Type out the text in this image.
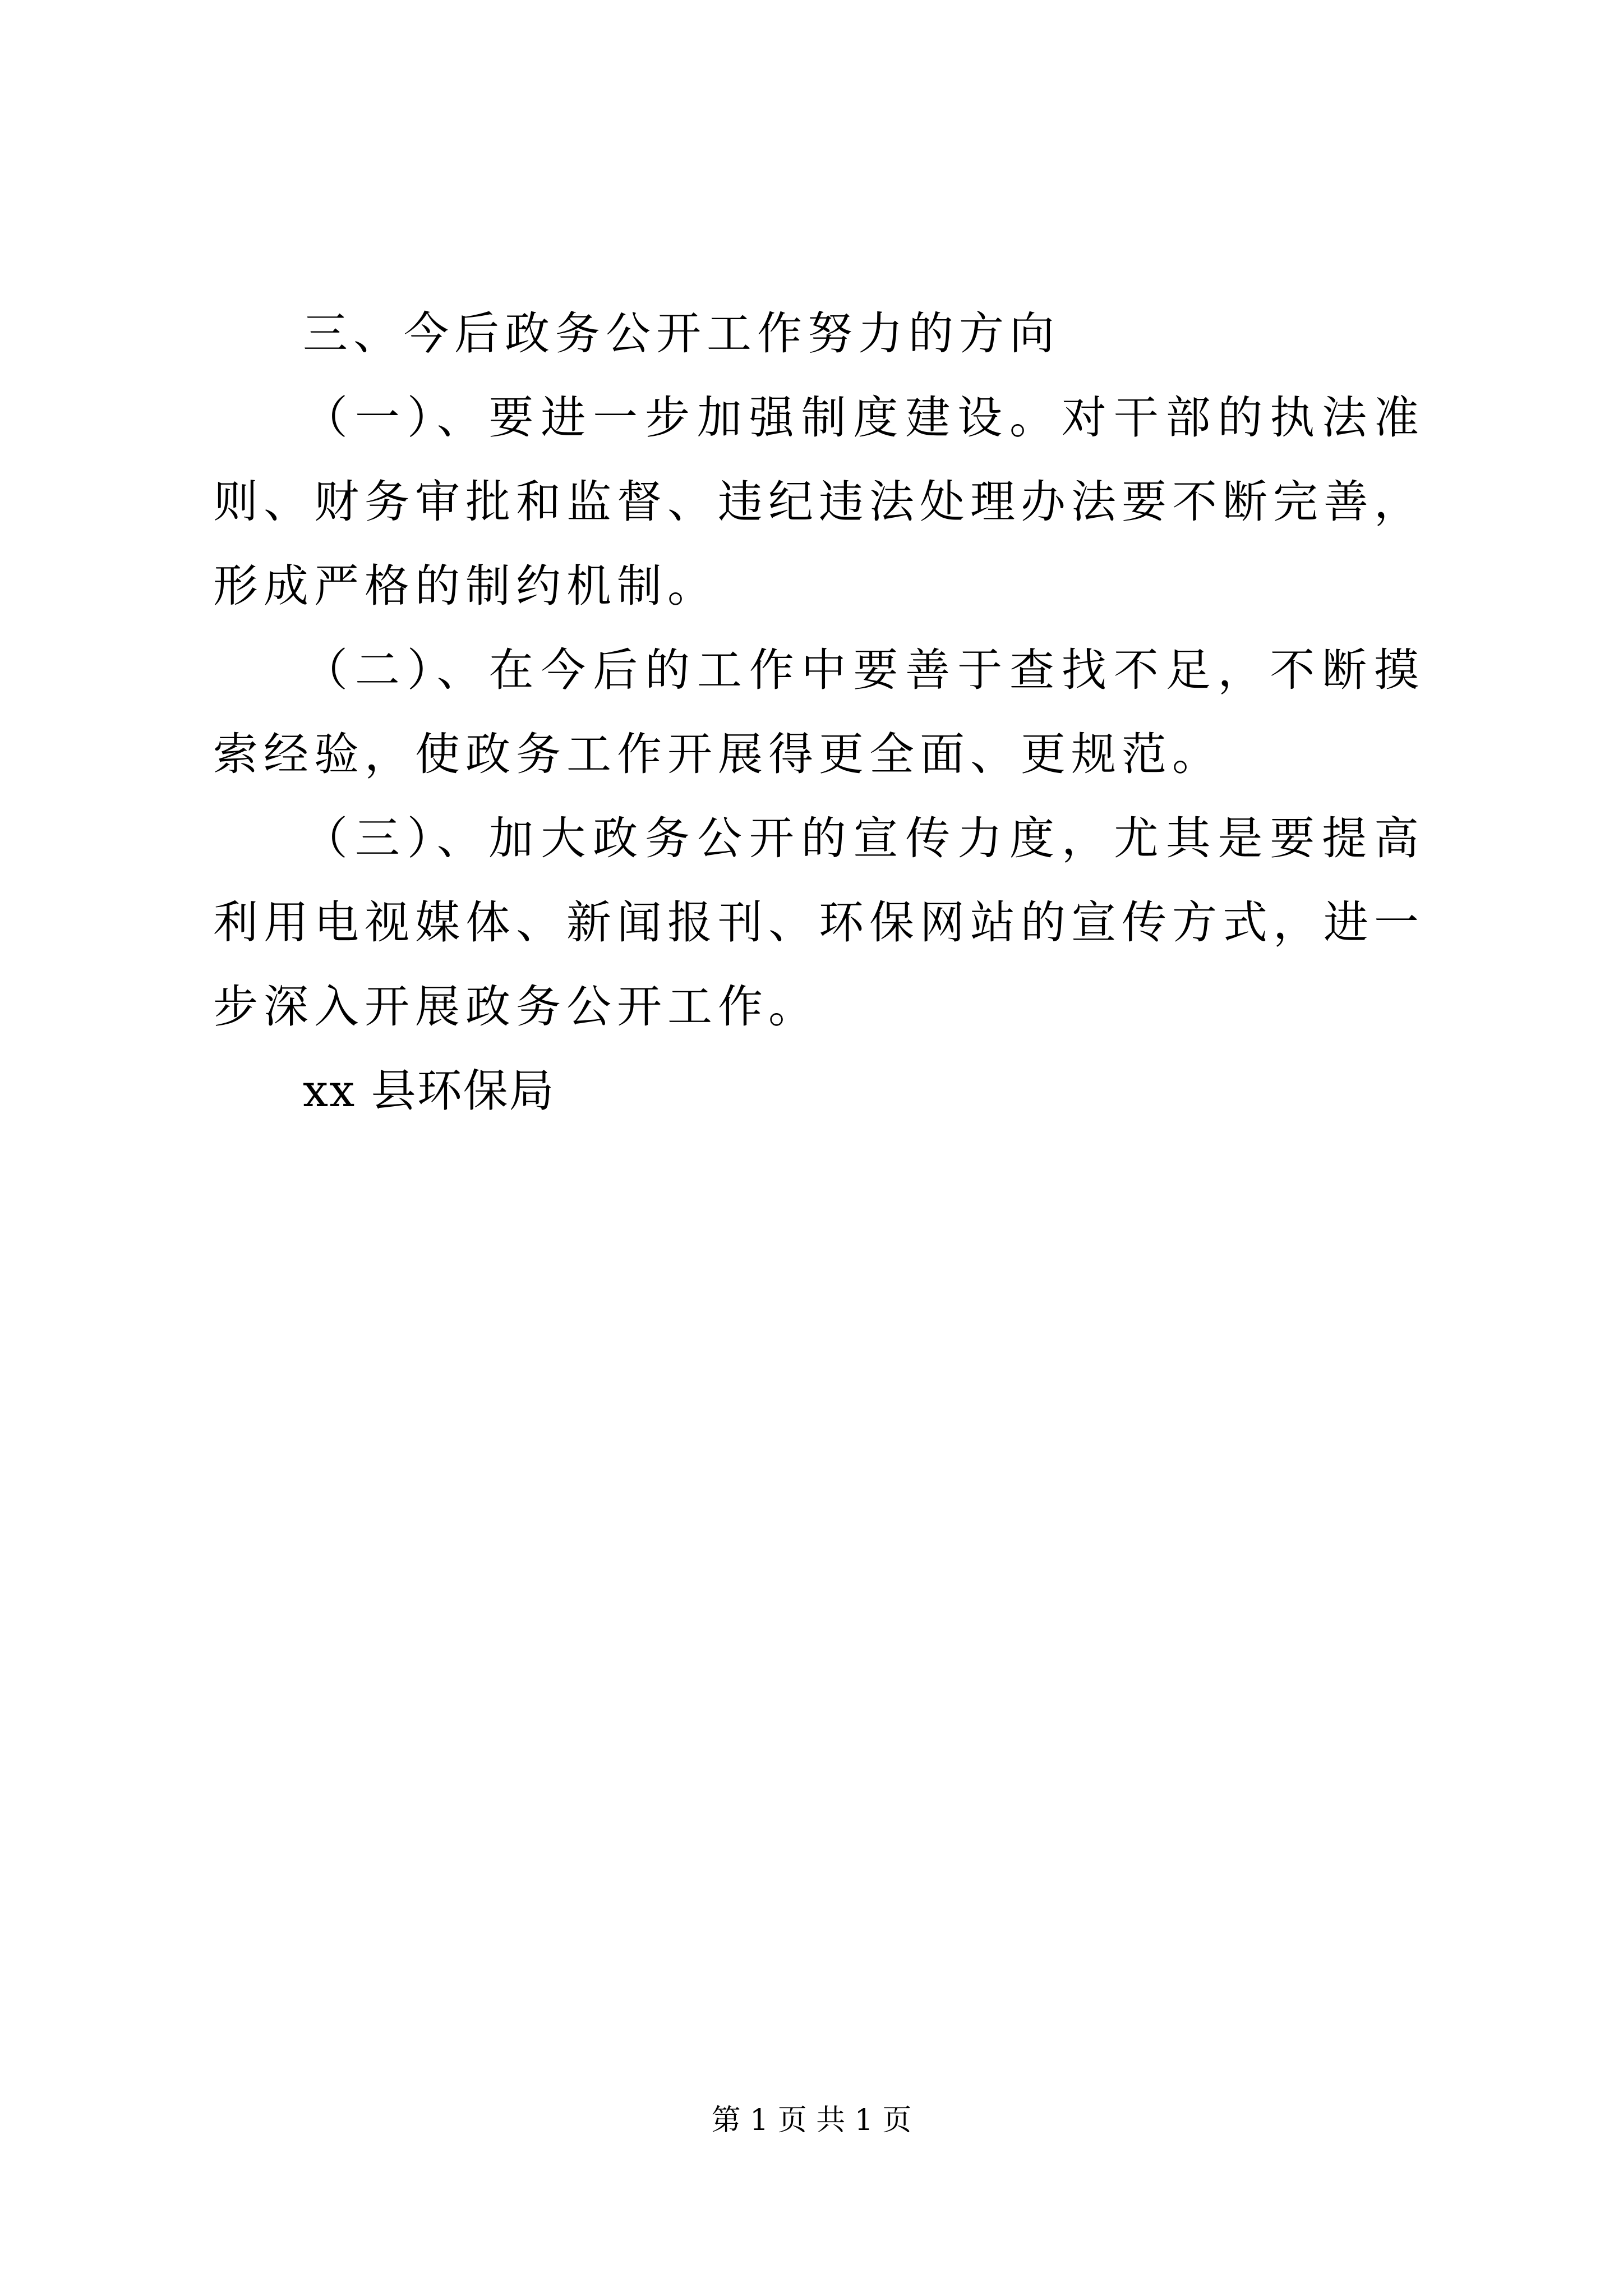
三、今后政务公开工作努力的方向

（一）、要进一步加强制度建设。对干部的执法准则、财务审批和监督、违纪违法处理办法要不断完善，形成严格的制约机制。

（二）、在今后的工作中要善于查找不足，不断摸索经验，使政务工作开展得更全面、更规范。

（三）、加大政务公开的宣传力度，尤其是要提高利用电视媒体、新闻报刊、环保网站的宣传方式，进一步深入开展政务公开工作。

xx 县环保局

第 1 页 共 1 页
